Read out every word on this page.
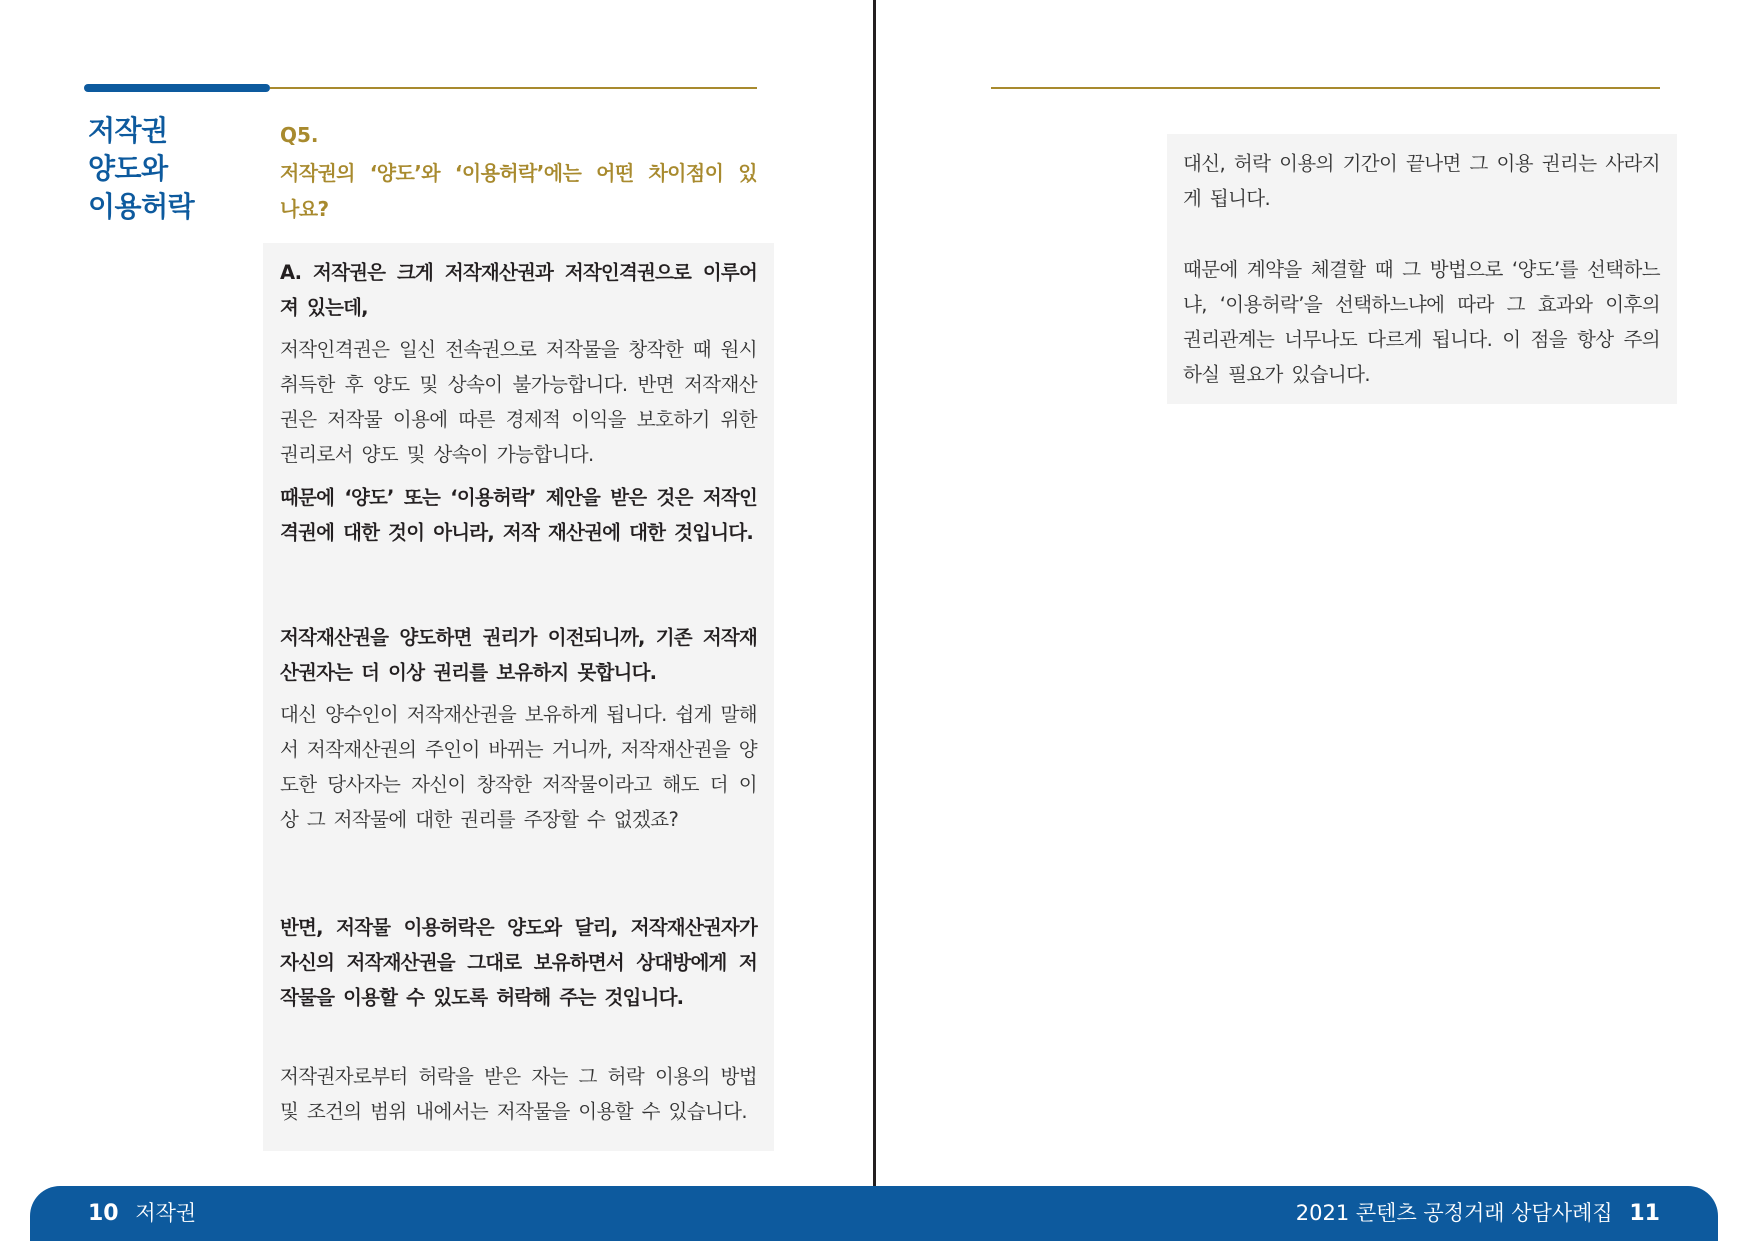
저작권
양도와
이용허락
Q5.
저작권의 ‘양도’와 ‘이용허락’에는 어떤 차이점이 있나요?
A. 저작권은 크게 저작재산권과 저작인격권으로 이루어져 있는데,
저작인격권은 일신 전속권으로 저작물을 창작한 때 원시취득한 후 양도 및 상속이 불가능합니다. 반면 저작재산권은 저작물 이용에 따른 경제적 이익을 보호하기 위한 권리로서 양도 및 상속이 가능합니다.
때문에 ‘양도’ 또는 ‘이용허락’ 제안을 받은 것은 저작인격권에 대한 것이 아니라, 저작 재산권에 대한 것입니다.
저작재산권을 양도하면 권리가 이전되니까, 기존 저작재산권자는 더 이상 권리를 보유하지 못합니다.
대신 양수인이 저작재산권을 보유하게 됩니다. 쉽게 말해서 저작재산권의 주인이 바뀌는 거니까, 저작재산권을 양도한 당사자는 자신이 창작한 저작물이라고 해도 더 이상 그 저작물에 대한 권리를 주장할 수 없겠죠?
반면, 저작물 이용허락은 양도와 달리, 저작재산권자가 자신의 저작재산권을 그대로 보유하면서 상대방에게 저작물을 이용할 수 있도록 허락해 주는 것입니다.
저작권자로부터 허락을 받은 자는 그 허락 이용의 방법 및 조건의 범위 내에서는 저작물을 이용할 수 있습니다.
대신, 허락 이용의 기간이 끝나면 그 이용 권리는 사라지게 됩니다.
때문에 계약을 체결할 때 그 방법으로 ‘양도’를 선택하느냐, ‘이용허락’을 선택하느냐에 따라 그 효과와 이후의 권리관계는 너무나도 다르게 됩니다. 이 점을 항상 주의하실 필요가 있습니다.
10 저작권	2021 콘텐츠 공정거래 상담사례집 11
